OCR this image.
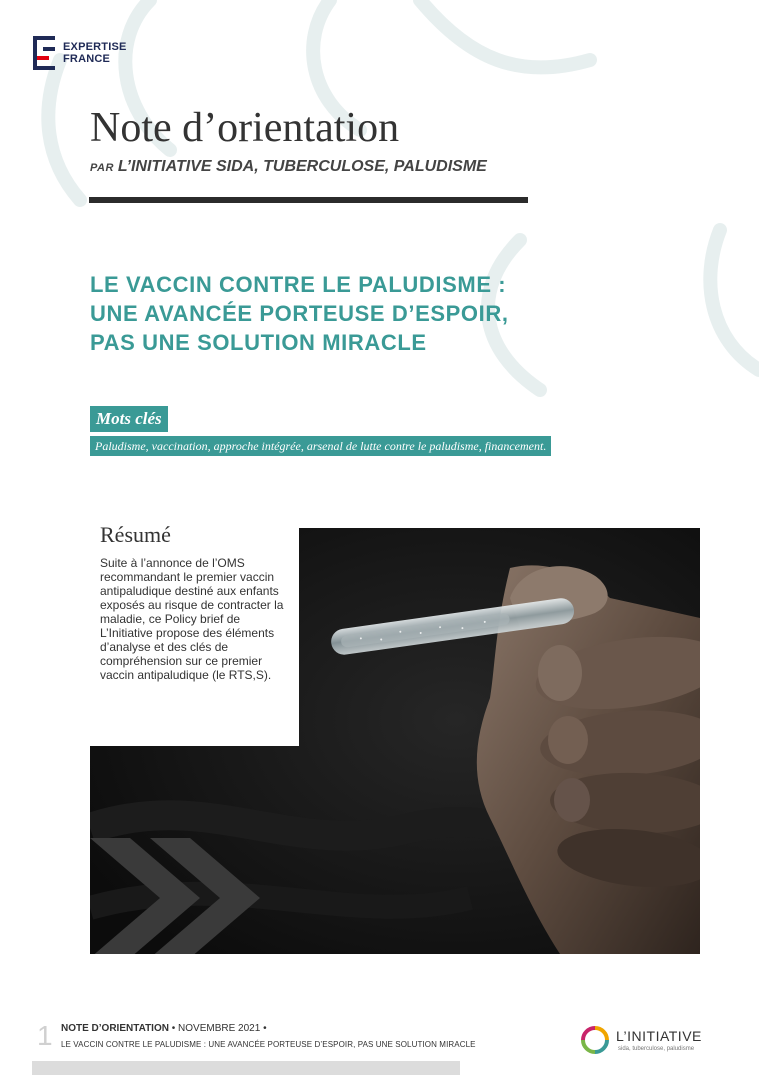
EXPERTISE
FRANCE
Note d’orientation
PAR L’INITIATIVE SIDA, TUBERCULOSE, PALUDISME
LE VACCIN CONTRE LE PALUDISME :
UNE AVANCÉE PORTEUSE D’ESPOIR,
PAS UNE SOLUTION MIRACLE
Mots clés
Paludisme, vaccination, approche intégrée, arsenal de lutte contre le paludisme, financement.
Résumé

Suite à l’annonce de l’OMS recommandant le premier vaccin antipaludique destiné aux enfants exposés au risque de contracter la maladie, ce Policy brief de L’Initiative propose des éléments d’analyse et des clés de compréhension sur ce premier vaccin antipaludique (le RTS,S).

1 NOTE D’ORIENTATION • NOVEMBRE 2021 •
LE VACCIN CONTRE LE PALUDISME : UNE AVANCÉE PORTEUSE D’ESPOIR, PAS UNE SOLUTION MIRACLE
L’INITIATIVE
sida, tuberculose, paludisme
